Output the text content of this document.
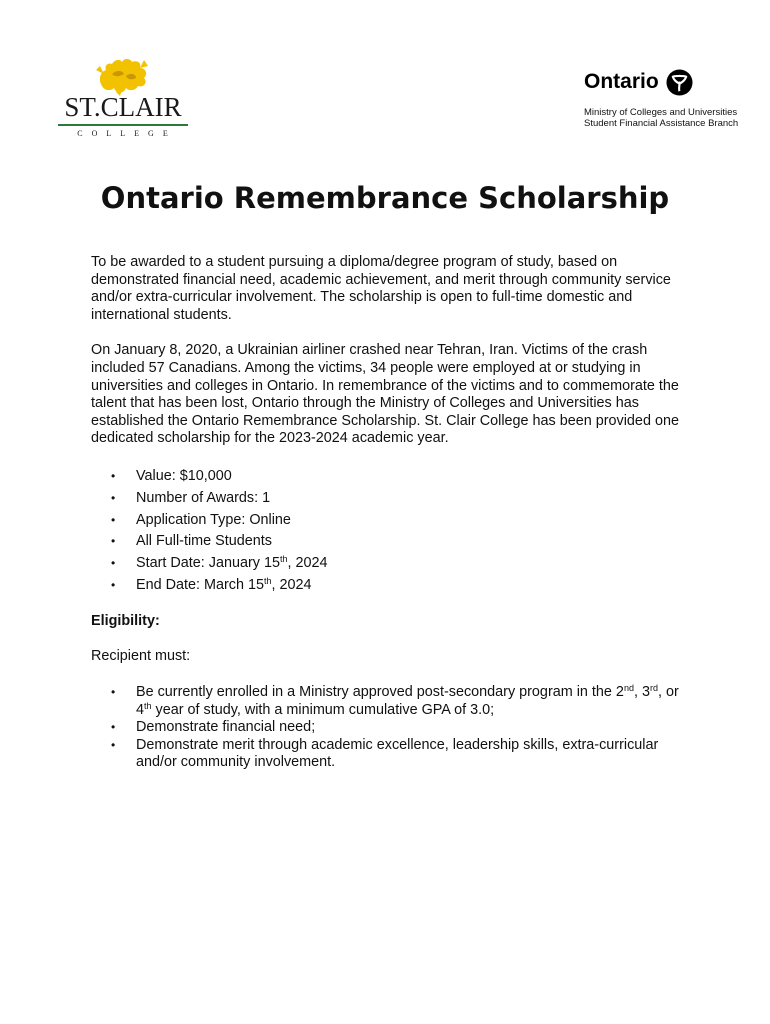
ST.CLAIR
COLLEGE
Ontario
Ministry of Colleges and Universities
Student Financial Assistance Branch
Ontario Remembrance Scholarship

To be awarded to a student pursuing a diploma/degree program of study, based on demonstrated financial need, academic achievement, and merit through community service and/or extra-curricular involvement. The scholarship is open to full-time domestic and international students.

On January 8, 2020, a Ukrainian airliner crashed near Tehran, Iran. Victims of the crash included 57 Canadians. Among the victims, 34 people were employed at or studying in universities and colleges in Ontario. In remembrance of the victims and to commemorate the talent that has been lost, Ontario through the Ministry of Colleges and Universities has established the Ontario Remembrance Scholarship. St. Clair College has been provided one dedicated scholarship for the 2023-2024 academic year.

• Value: $10,000
• Number of Awards: 1
• Application Type: Online
• All Full-time Students
• Start Date: January 15th, 2024
• End Date: March 15th, 2024

Eligibility:

Recipient must:

• Be currently enrolled in a Ministry approved post-secondary program in the 2nd, 3rd, or 4th year of study, with a minimum cumulative GPA of 3.0;
• Demonstrate financial need;
• Demonstrate merit through academic excellence, leadership skills, extra-curricular and/or community involvement.
